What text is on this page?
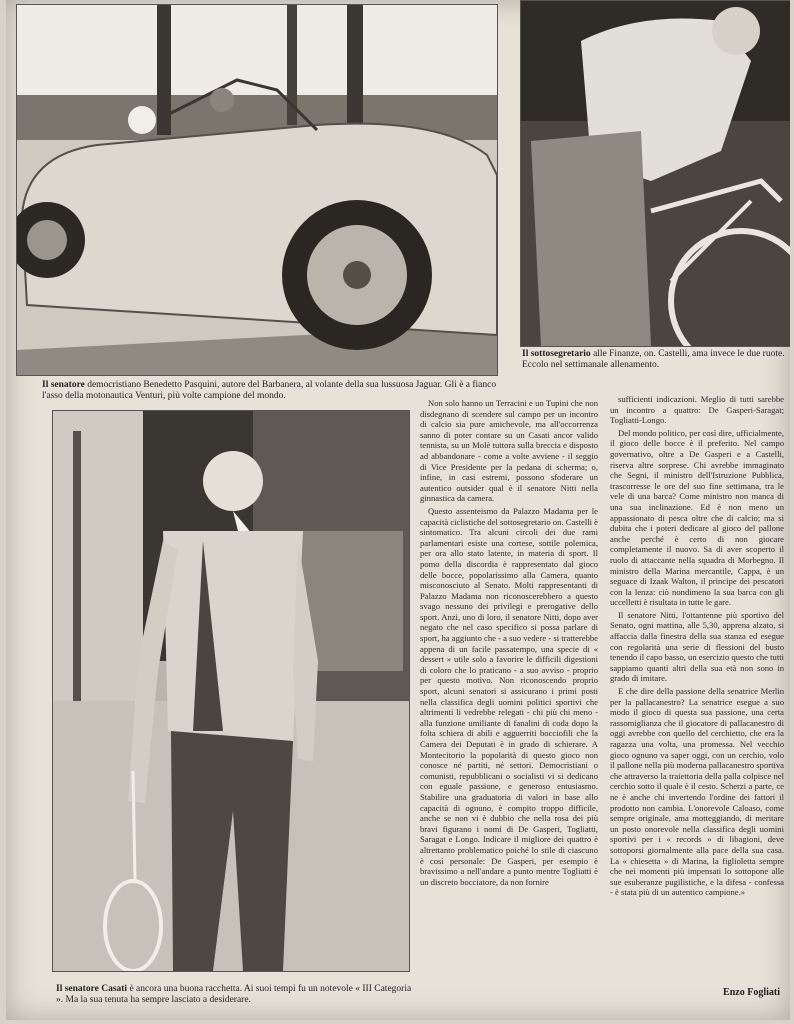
Il senatore democristiano Benedetto Pasquini, autore del Barbanera, al volante della sua lussuosa Jaguar. Gli è a fianco l'asso della motonautica Venturi, più volte campione del mondo.
Il sottosegretario alle Finanze, on. Castelli, ama invece le due ruote. Eccolo nel settimanale allenamento.
Il senatore Casati è ancora una buona racchetta. Ai suoi tempi fu un notevole « III Categoria ». Ma la sua tenuta ha sempre lasciato a desiderare.

Non solo hanno un Terracini e un Tupini che non disdegnano di scendere sul campo per un incontro di calcio sia pure amichevole, ma all'occorrenza sanno di poter contare su un Casati ancor valido tennista, su un Molè tuttora sulla breccia e disposto ad abbandonare - come a volte avviene - il seggio di Vice Presidente per la pedana di scherma; o, infine, in casi estremi, possono sfoderare un autentico outsider qual è il senatore Nitti nella ginnastica da camera.

Questo assenteismo da Palazzo Madama per le capacità ciclistiche del sottosegretario on. Castelli è sintomatico. Tra alcuni circoli dei due rami parlamentari esiste una cortese, sottile polemica, per ora allo stato latente, in materia di sport. Il pomo della discordia è rappresentato dal gioco delle bocce, popolarissimo alla Camera, quanto misconosciuto al Senato. Molti rappresentanti di Palazzo Madama non riconoscerebbero a questo svago nessuno dei privilegi e prerogative dello sport. Anzi, uno di loro, il senatore Nitti, dopo aver negato che nel caso specifico si possa parlare di sport, ha aggiunto che - a suo vedere - si tratterebbe appena di un facile passatempo, una specie di « dessert » utile solo a favorire le difficili digestioni di coloro che lo praticano - a suo avviso - proprio per questo motivo. Non riconoscendo proprio sport, alcuni senatori si assicurano i primi posti nella classifica degli uomini politici sportivi che altrimenti li vedrebbe relegati - chi più chi meno - alla funzione umiliante di fanalini di coda dopo la folta schiera di abili e agguerriti bocciofili che la Camera dei Deputati è in grado di schierare. A Montecitorio la popolarità di questo gioco non conosce né partiti, né settori. Democristiani o comunisti, repubblicani o socialisti vi si dedicano con eguale passione, e generoso entusiasmo. Stabilire una graduatoria di valori in base allo capacità di ognuno, è compito troppo difficile, anche se non vi è dubbio che nella rosa dei più bravi figurano i nomi di De Gasperi, Togliatti, Saragat e Longo. Indicare il migliore dei quattro è altrettanto problematico poiché lo stile di ciascuno è così personale: De Gasperi, per esempio è bravissimo a nell'andare a punto mentre Togliatti è un discreto bocciatore, da non fornire

sufficienti indicazioni. Meglio di tutti sarebbe un incontro a quattro: De Gasperi-Saragat; Togliatti-Longo.

Del mondo politico, per così dire, ufficialmente, il gioco delle bocce è il preferito. Nel campo governativo, oltre a De Gasperi e a Castelli, riserva altre sorprese. Chi avrebbe immaginato che Segni, il ministro dell'Istruzione Pubblica, trascorresse le ore del suo fine settimana, tra le vele di una barca? Come ministro non manca di una sua inclinazione. Ed è non meno un appassionato di pesca oltre che di calcio; ma si dubita che i poteri dedicare al gioco del pallone anche perché è certo di non giocare completamente il nuovo. Sa di aver scoperto il ruolo di attaccante nella squadra di Morbegno. Il ministro della Marina mercantile, Cappa, è un seguace di Izaak Walton, il principe dei pescatori con la lenza: ciò nondimeno la sua barca con gli uccelletti è risultata in tutte le gare.

Il senatore Nitti, l'ottantenne più sportivo del Senato, ogni mattina, alle 5,30, apprena alzato, si affaccia dalla finestra della sua stanza ed esegue con regolarità una serie di flessioni del busto tenendo il capo basso, un esercizio questo che tutti sappiamo quanti altri della sua età non sono in grado di imitare.

E che dire della passione della senatrice Merlin per la pallacanestro? La senatrice esegue a suo modo il gioco di questa sua passione, una certa rassomiglianza che il giocatore di pallacanestro di oggi avrebbe con quello del cerchietto, che era la ragazza una volta, una promessa. Nel vecchio gioco ognuno va saper oggi, con un cerchio, volo il pallone nella più moderna pallacanestro sportiva che attraverso la traiettoria della palla colpisce nel cerchio sotto il quale è il cesto. Scherzi a parte, ce ne è anche chi invertendo l'ordine dei fattori il prodotto non cambia. L'onorevole Caloaso, come sempre originale, ama motteggiando, di meritare un posto onorevole nella classifica degli uomini sportivi per i « records » di libagioni, deve sottoporsi giornalmente alla pace della sua casa. La « chiesetta » di Marina, la figlioletta sempre che nei momenti più impensati lo sottopone alle sue esuberanze pugilistiche, e la difesa - confessa - è stata più di un autentico campione.»

Enzo Fogliati
